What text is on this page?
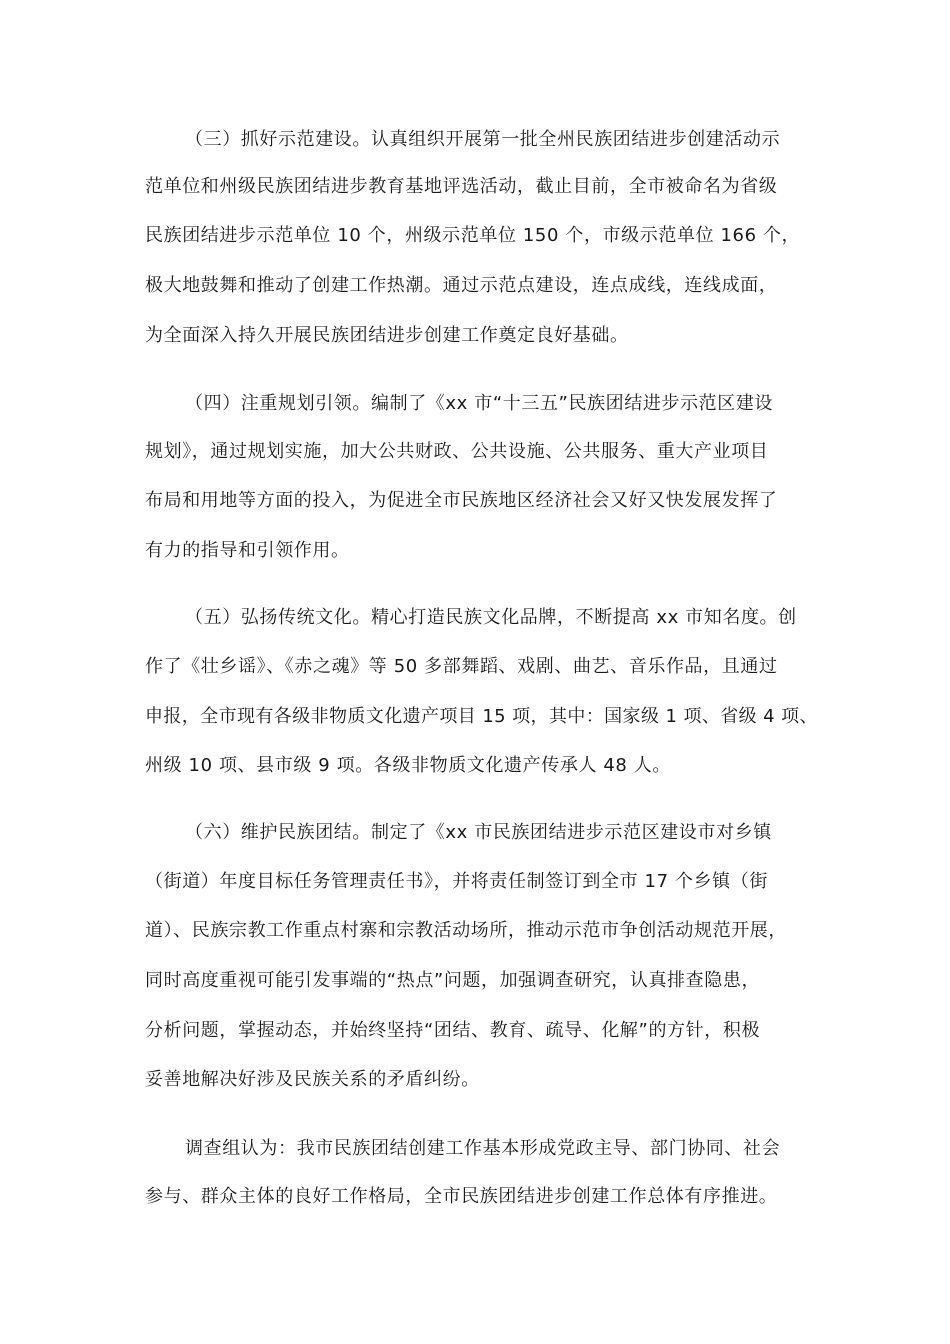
（三）抓好示范建设。认真组织开展第一批全州民族团结进步创建活动示
范单位和州级民族团结进步教育基地评选活动，截止目前，全市被命名为省级
民族团结进步示范单位 10 个，州级示范单位 150 个，市级示范单位 166 个，
极大地鼓舞和推动了创建工作热潮。通过示范点建设，连点成线，连线成面，
为全面深入持久开展民族团结进步创建工作奠定良好基础。
（四）注重规划引领。编制了《xx 市“十三五”民族团结进步示范区建设
规划》，通过规划实施，加大公共财政、公共设施、公共服务、重大产业项目
布局和用地等方面的投入，为促进全市民族地区经济社会又好又快发展发挥了
有力的指导和引领作用。
（五）弘扬传统文化。精心打造民族文化品牌，不断提高 xx 市知名度。创
作了《壮乡谣》、《赤之魂》等 50 多部舞蹈、戏剧、曲艺、音乐作品，且通过
申报，全市现有各级非物质文化遗产项目 15 项，其中：国家级 1 项、省级 4 项、
州级 10 项、县市级 9 项。各级非物质文化遗产传承人 48 人。
（六）维护民族团结。制定了《xx 市民族团结进步示范区建设市对乡镇
（街道）年度目标任务管理责任书》，并将责任制签订到全市 17 个乡镇（街
道）、民族宗教工作重点村寨和宗教活动场所，推动示范市争创活动规范开展，
同时高度重视可能引发事端的“热点”问题，加强调查研究，认真排查隐患，
分析问题，掌握动态，并始终坚持“团结、教育、疏导、化解”的方针，积极
妥善地解决好涉及民族关系的矛盾纠纷。
调查组认为：我市民族团结创建工作基本形成党政主导、部门协同、社会
参与、群众主体的良好工作格局，全市民族团结进步创建工作总体有序推进。
